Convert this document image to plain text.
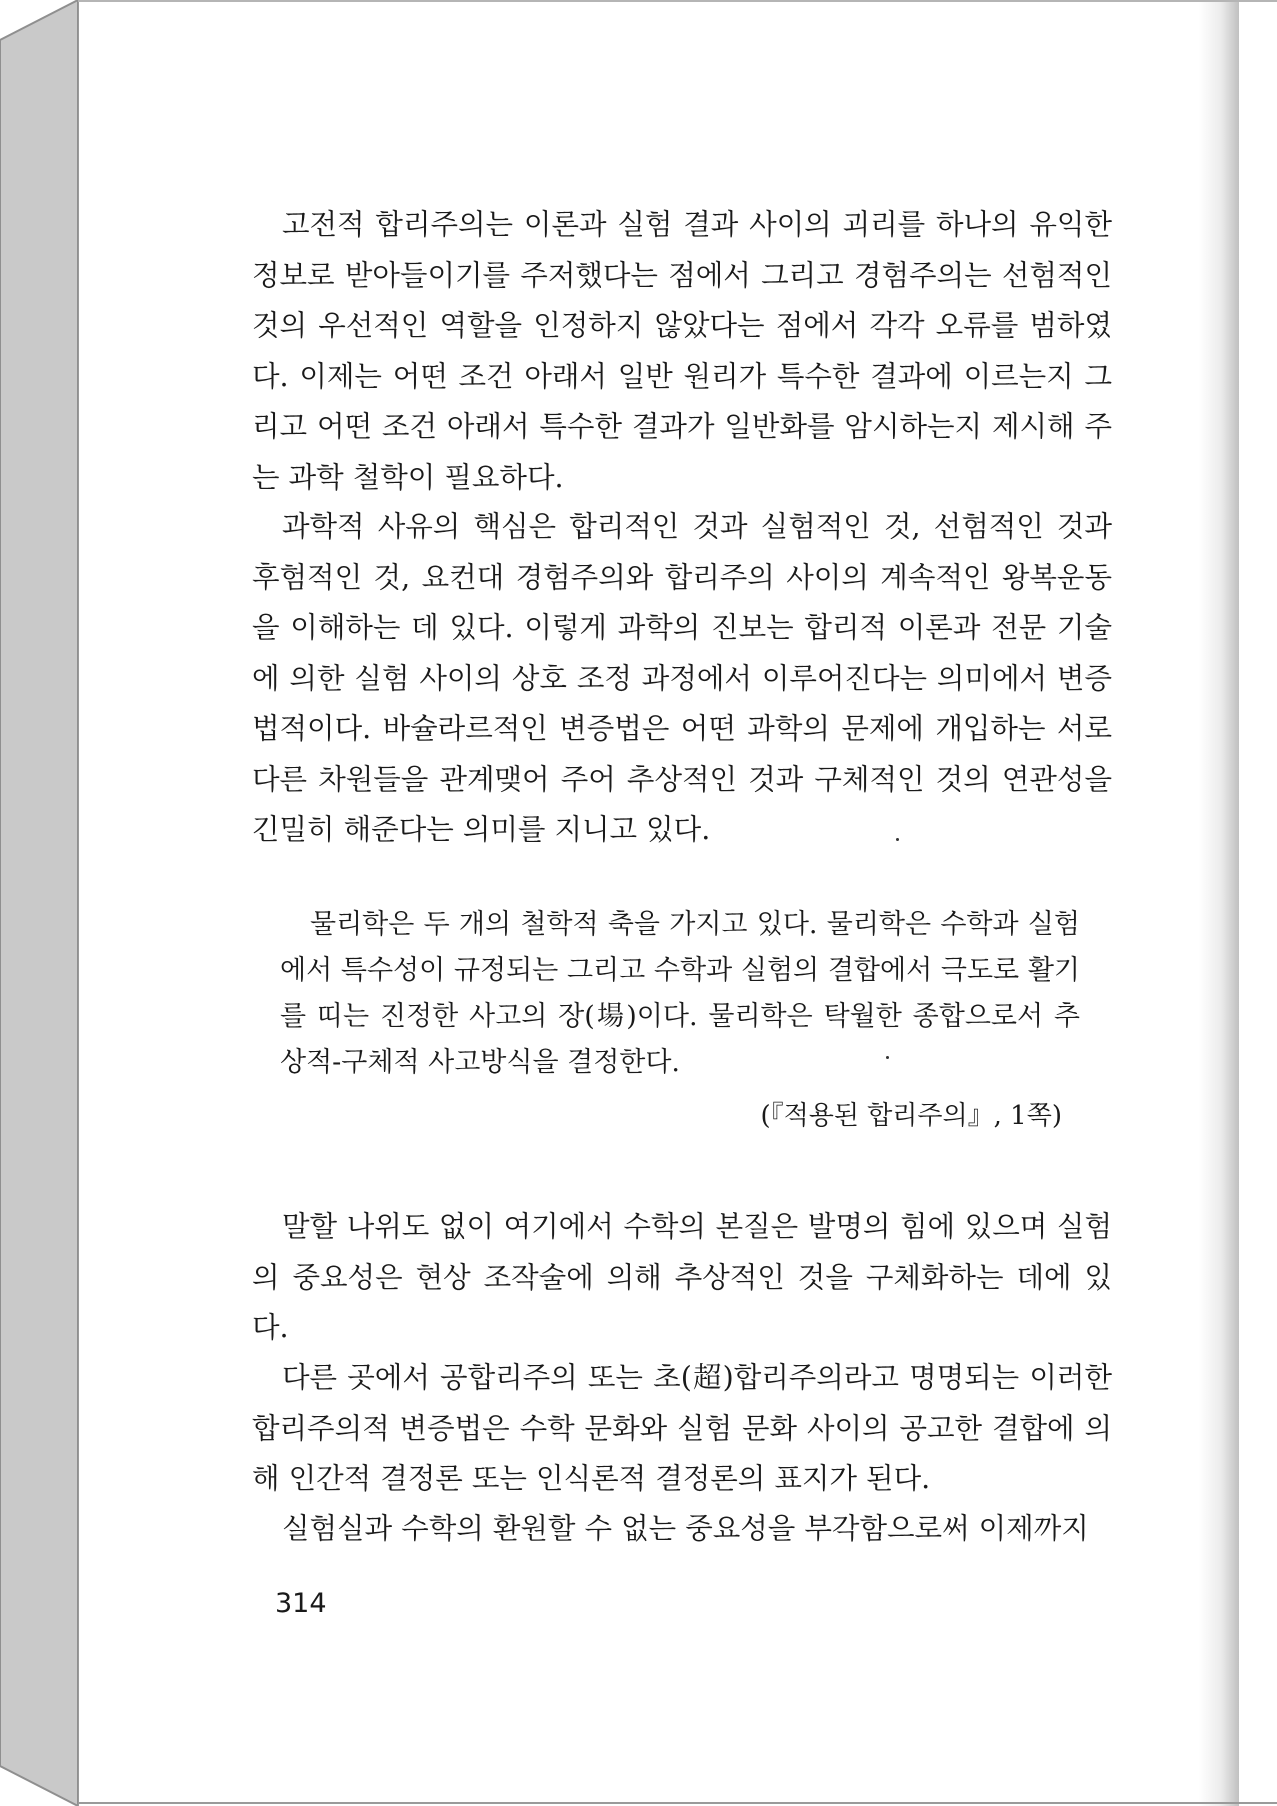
고전적 합리주의는 이론과 실험 결과 사이의 괴리를 하나의 유익한 정보로 받아들이기를 주저했다는 점에서 그리고 경험주의는 선험적인 것의 우선적인 역할을 인정하지 않았다는 점에서 각각 오류를 범하였다. 이제는 어떤 조건 아래서 일반 원리가 특수한 결과에 이르는지 그리고 어떤 조건 아래서 특수한 결과가 일반화를 암시하는지 제시해 주는 과학 철학이 필요하다.

과학적 사유의 핵심은 합리적인 것과 실험적인 것, 선험적인 것과 후험적인 것, 요컨대 경험주의와 합리주의 사이의 계속적인 왕복운동을 이해하는 데 있다. 이렇게 과학의 진보는 합리적 이론과 전문 기술에 의한 실험 사이의 상호 조정 과정에서 이루어진다는 의미에서 변증법적이다. 바슐라르적인 변증법은 어떤 과학의 문제에 개입하는 서로 다른 차원들을 관계맺어 주어 추상적인 것과 구체적인 것의 연관성을 긴밀히 해준다는 의미를 지니고 있다.

물리학은 두 개의 철학적 축을 가지고 있다. 물리학은 수학과 실험에서 특수성이 규정되는 그리고 수학과 실험의 결합에서 극도로 활기를 띠는 진정한 사고의 장(場)이다. 물리학은 탁월한 종합으로서 추상적-구체적 사고방식을 결정한다.

(『적용된 합리주의』, 1쪽)

말할 나위도 없이 여기에서 수학의 본질은 발명의 힘에 있으며 실험의 중요성은 현상 조작술에 의해 추상적인 것을 구체화하는 데에 있다.

다른 곳에서 공합리주의 또는 초(超)합리주의라고 명명되는 이러한 합리주의적 변증법은 수학 문화와 실험 문화 사이의 공고한 결합에 의해 인간적 결정론 또는 인식론적 결정론의 표지가 된다.

실험실과 수학의 환원할 수 없는 중요성을 부각함으로써 이제까지

314
